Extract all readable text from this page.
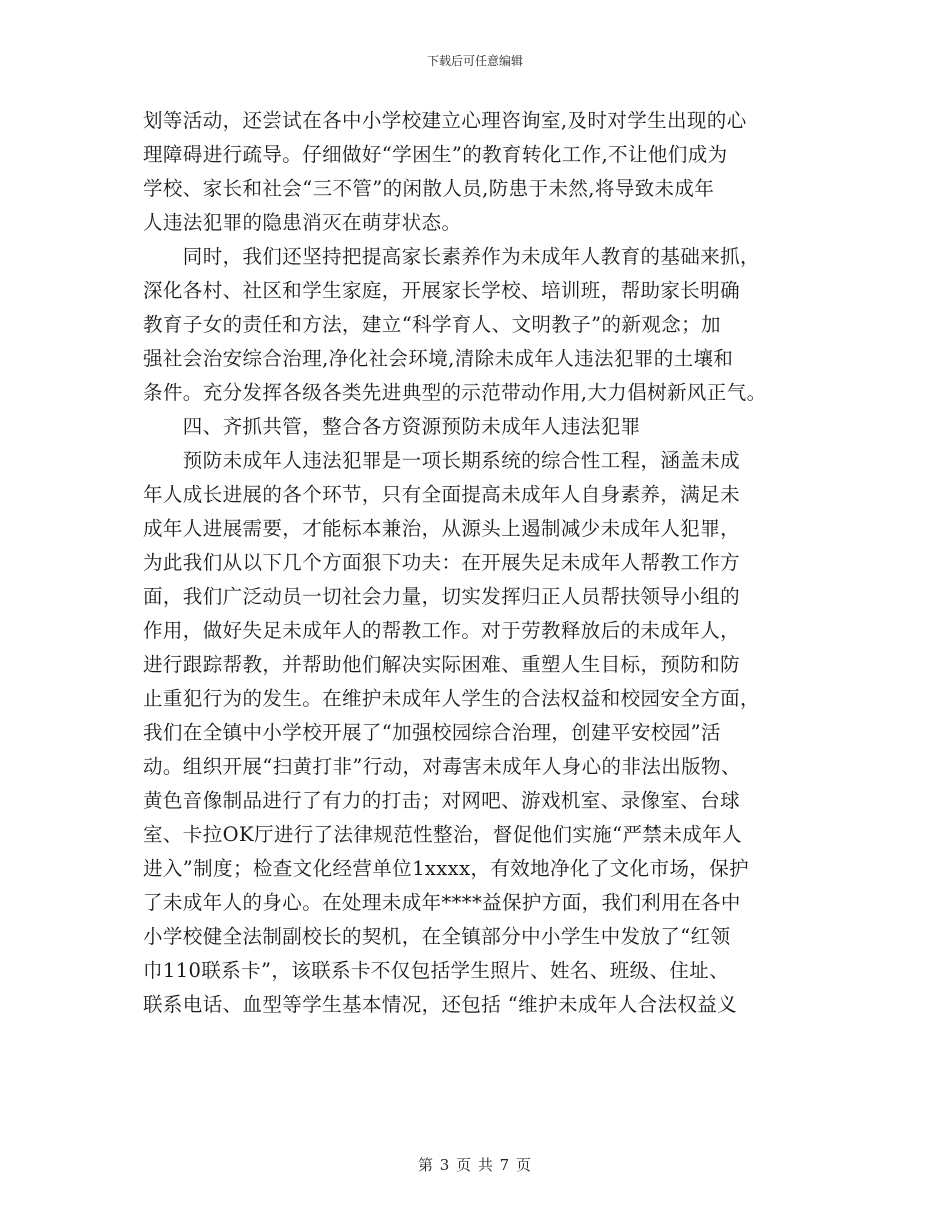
下载后可任意编辑
划等活动，还尝试在各中小学校建立心理咨询室,及时对学生出现的心
理障碍进行疏导。仔细做好“学困生”的教育转化工作,不让他们成为
学校、家长和社会“三不管”的闲散人员,防患于未然,将导致未成年
人违法犯罪的隐患消灭在萌芽状态。
　　同时，我们还坚持把提高家长素养作为未成年人教育的基础来抓，
深化各村、社区和学生家庭，开展家长学校、培训班，帮助家长明确
教育子女的责任和方法，建立“科学育人、文明教子”的新观念；加
强社会治安综合治理,净化社会环境,清除未成年人违法犯罪的土壤和
条件。充分发挥各级各类先进典型的示范带动作用,大力倡树新风正气。
　　四、齐抓共管，整合各方资源预防未成年人违法犯罪
　　预防未成年人违法犯罪是一项长期系统的综合性工程，涵盖未成
年人成长进展的各个环节，只有全面提高未成年人自身素养，满足未
成年人进展需要，才能标本兼治，从源头上遏制减少未成年人犯罪，
为此我们从以下几个方面狠下功夫：在开展失足未成年人帮教工作方
面，我们广泛动员一切社会力量，切实发挥归正人员帮扶领导小组的
作用，做好失足未成年人的帮教工作。对于劳教释放后的未成年人，
进行跟踪帮教，并帮助他们解决实际困难、重塑人生目标，预防和防
止重犯行为的发生。在维护未成年人学生的合法权益和校园安全方面，
我们在全镇中小学校开展了“加强校园综合治理，创建平安校园”活
动。组织开展“扫黄打非”行动，对毒害未成年人身心的非法出版物、
黄色音像制品进行了有力的打击；对网吧、游戏机室、录像室、台球
室、卡拉OK厅进行了法律规范性整治，督促他们实施“严禁未成年人
进入”制度；检查文化经营单位1xxxx，有效地净化了文化市场，保护
了未成年人的身心。在处理未成年****益保护方面，我们利用在各中
小学校健全法制副校长的契机，在全镇部分中小学生中发放了“红领
巾110联系卡”，该联系卡不仅包括学生照片、姓名、班级、住址、
联系电话、血型等学生基本情况，还包括 “维护未成年人合法权益义
第 3 页 共 7 页
